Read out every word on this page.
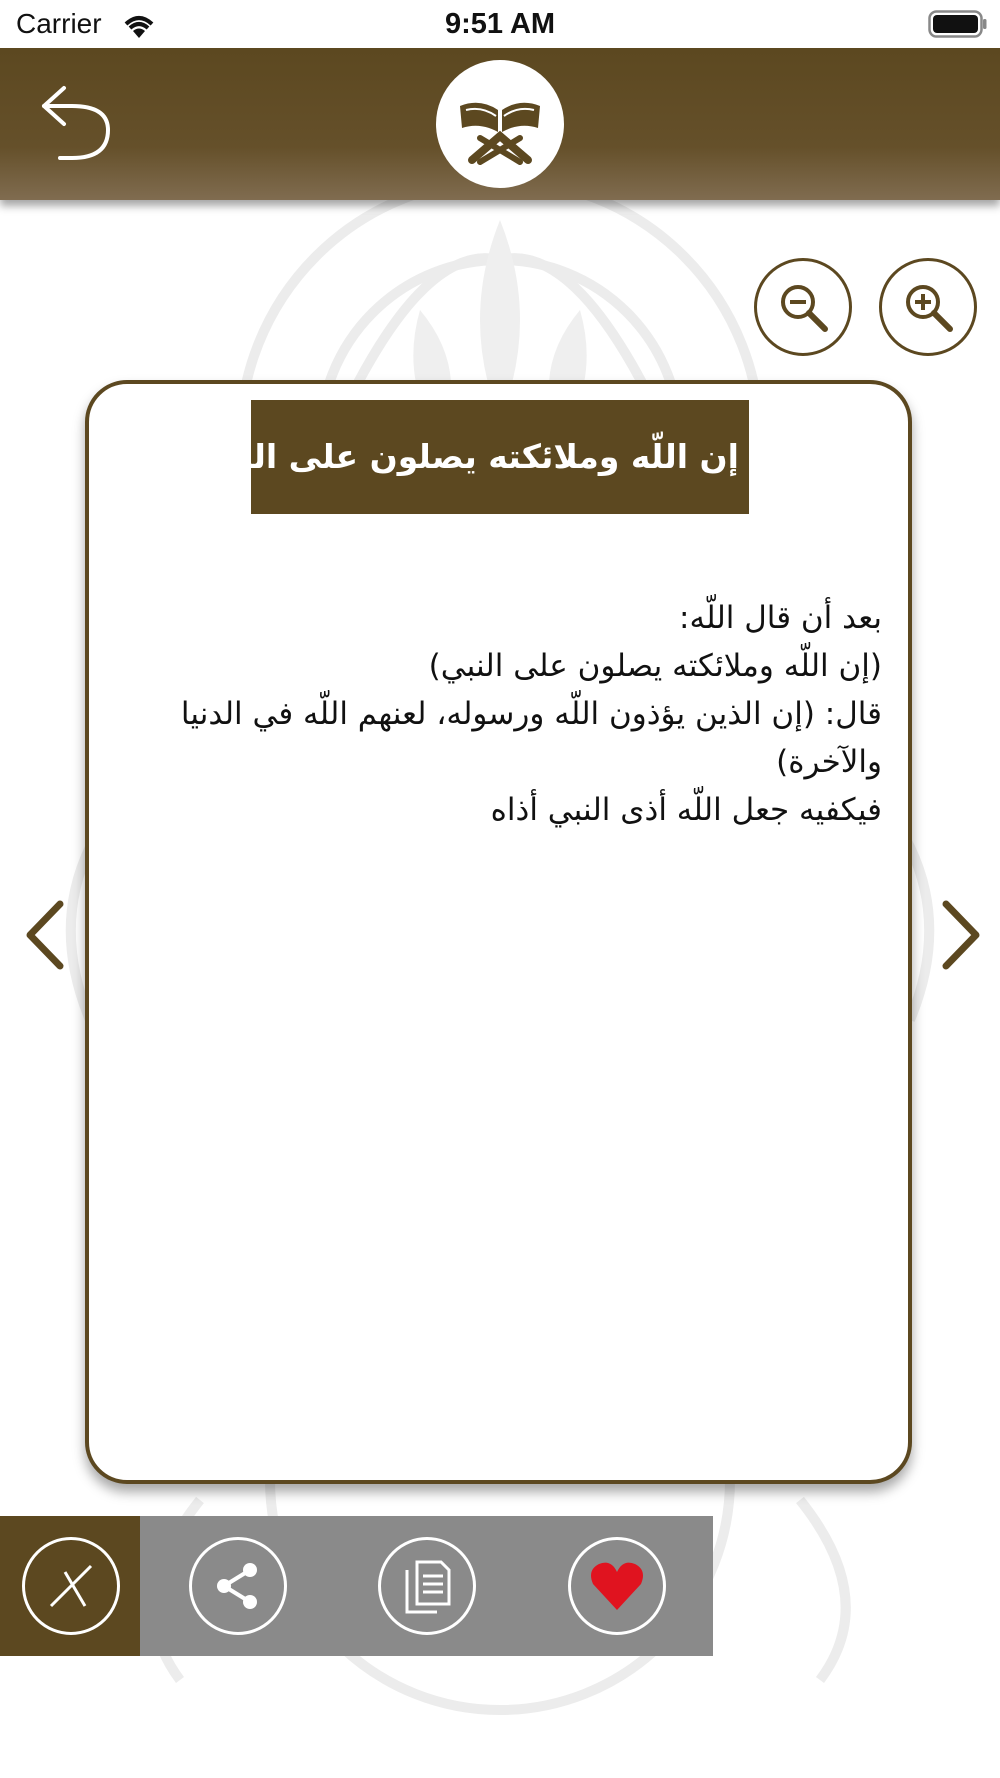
Carrier	9:51 AM
إن اللّه وملائكته يصلون على النبي

بعد أن قال اللّه:

(إن اللّه وملائكته يصلون على النبي)

قال: (إن الذين يؤذون اللّه ورسوله، لعنهم اللّه في الدنيا والآخرة)

فيكفيه جعل اللّه أذى النبي أذاه
